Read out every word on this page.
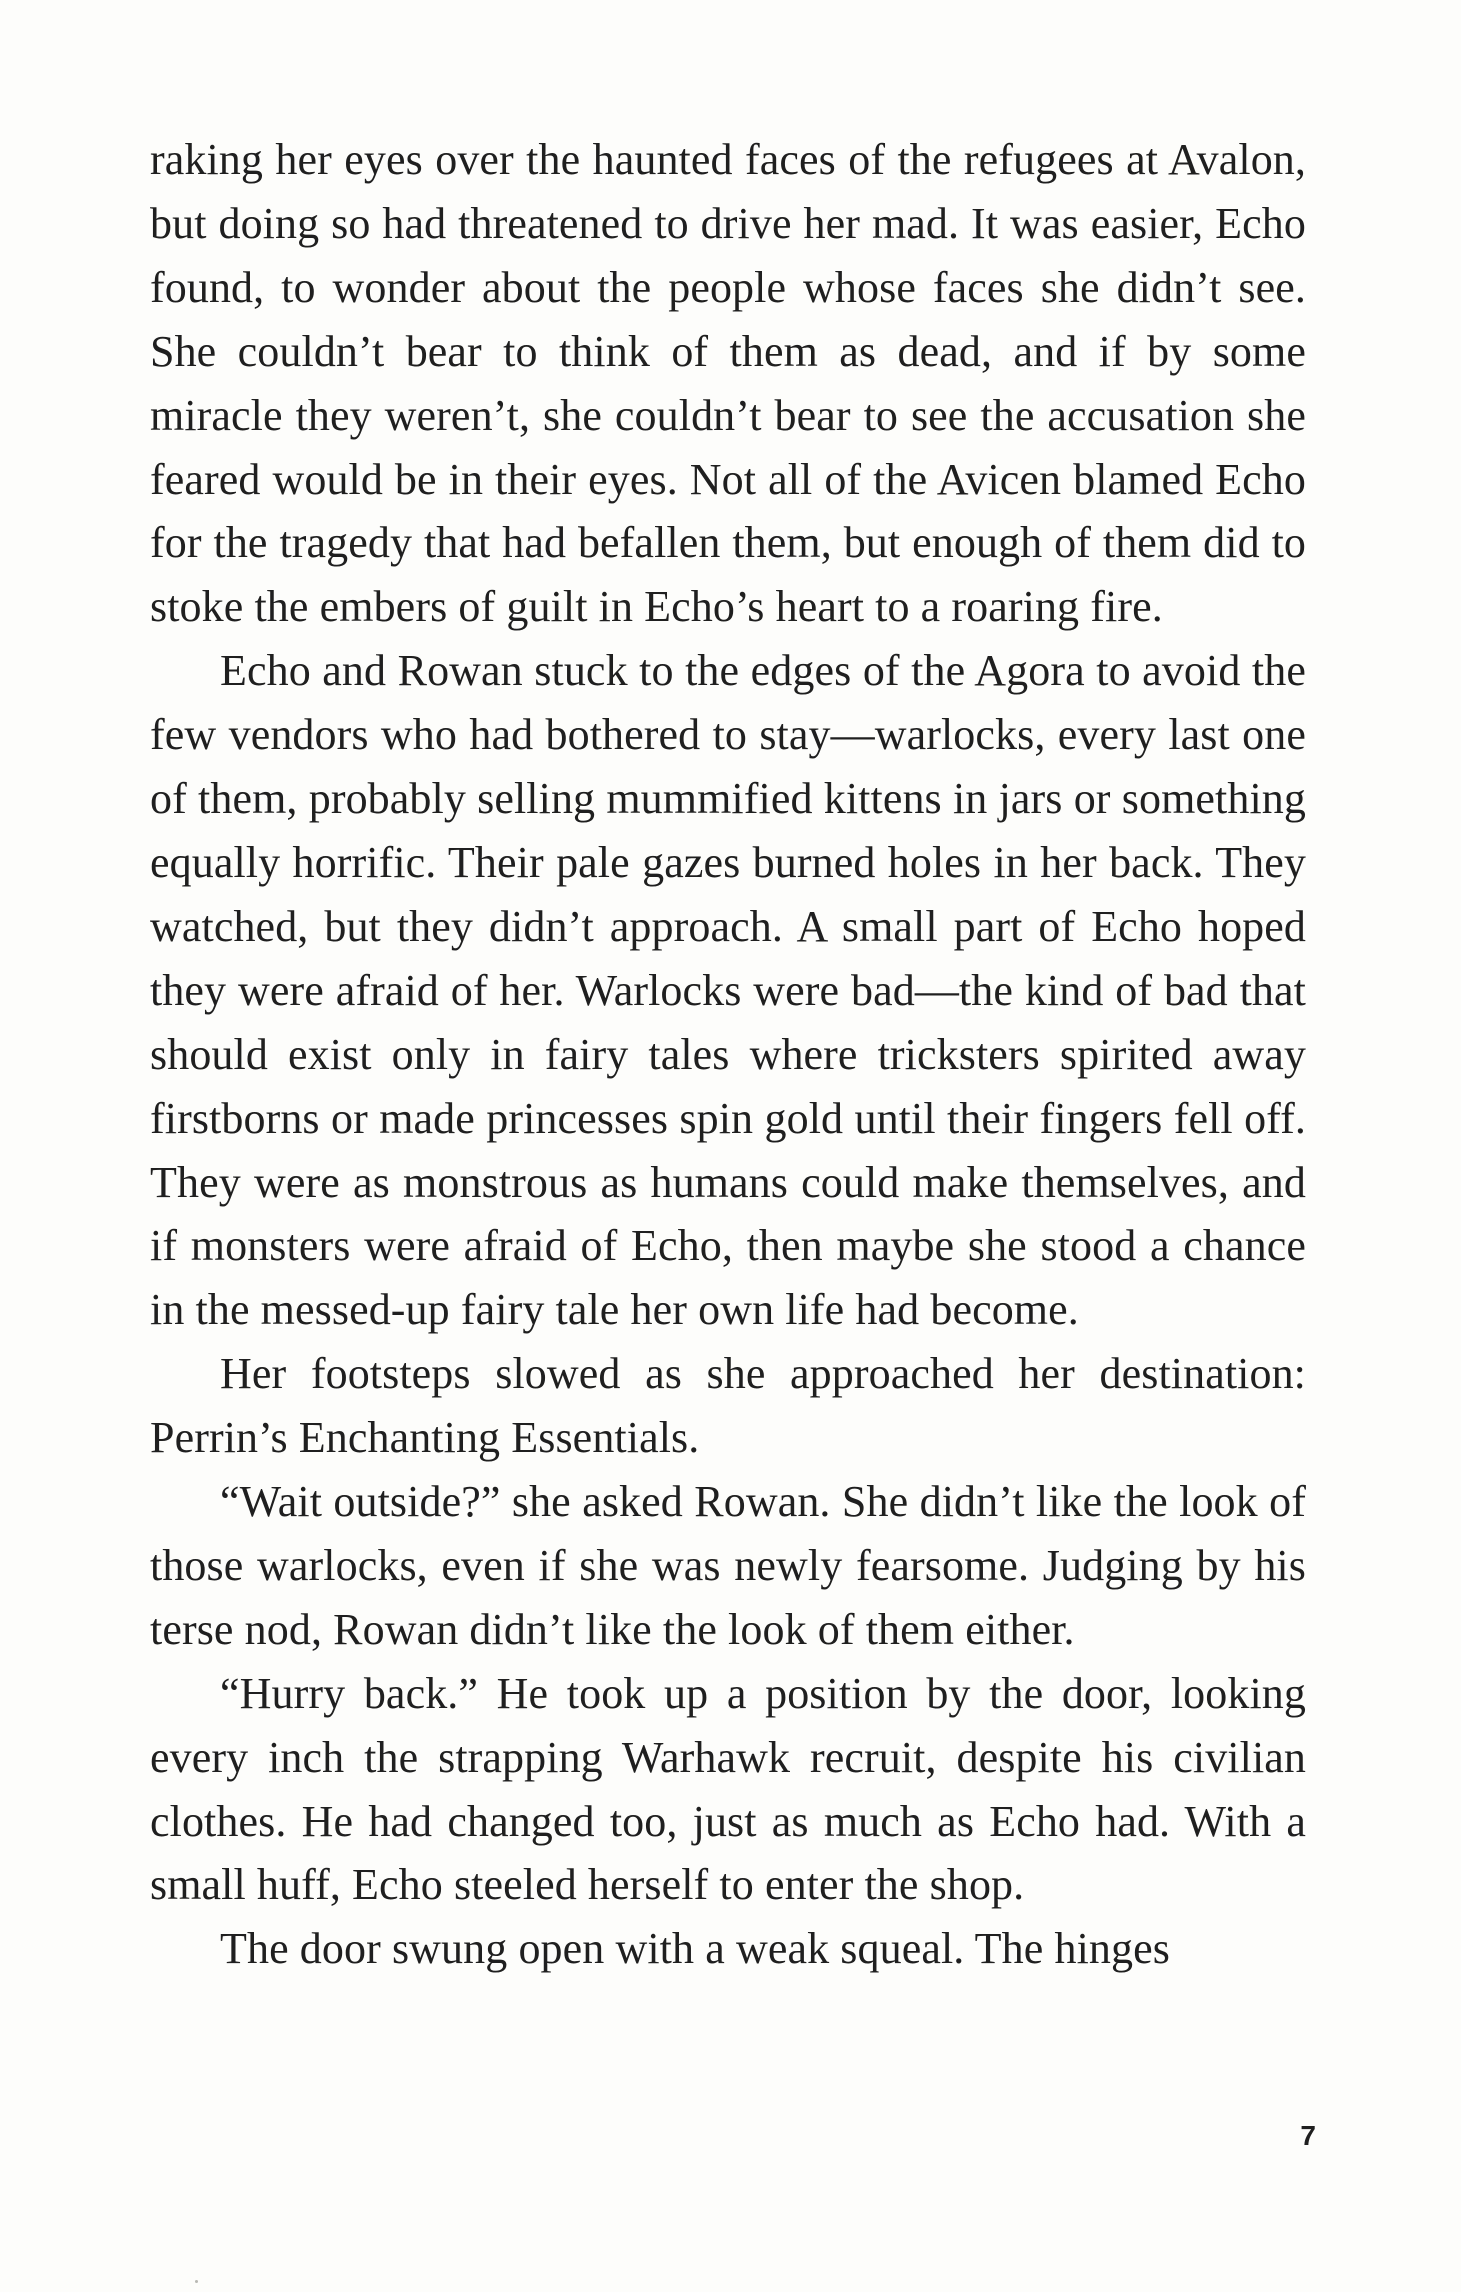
raking her eyes over the haunted faces of the refugees at Avalon, but doing so had threatened to drive her mad. It was easier, Echo found, to wonder about the people whose faces she didn’t see. She couldn’t bear to think of them as dead, and if by some miracle they weren’t, she couldn’t bear to see the accusation she feared would be in their eyes. Not all of the Avicen blamed Echo for the tragedy that had befallen them, but enough of them did to stoke the embers of guilt in Echo’s heart to a roaring fire.

Echo and Rowan stuck to the edges of the Agora to avoid the few vendors who had bothered to stay—warlocks, every last one of them, probably selling mummified kittens in jars or something equally horrific. Their pale gazes burned holes in her back. They watched, but they didn’t approach. A small part of Echo hoped they were afraid of her. Warlocks were bad—the kind of bad that should exist only in fairy tales where tricksters spirited away firstborns or made princesses spin gold until their fingers fell off. They were as monstrous as humans could make themselves, and if monsters were afraid of Echo, then maybe she stood a chance in the messed-up fairy tale her own life had become.

Her footsteps slowed as she approached her destination: Perrin’s Enchanting Essentials.

“Wait outside?” she asked Rowan. She didn’t like the look of those warlocks, even if she was newly fearsome. Judging by his terse nod, Rowan didn’t like the look of them either.

“Hurry back.” He took up a position by the door, looking every inch the strapping Warhawk recruit, despite his civilian clothes. He had changed too, just as much as Echo had. With a small huff, Echo steeled herself to enter the shop.

The door swung open with a weak squeal. The hinges

7
